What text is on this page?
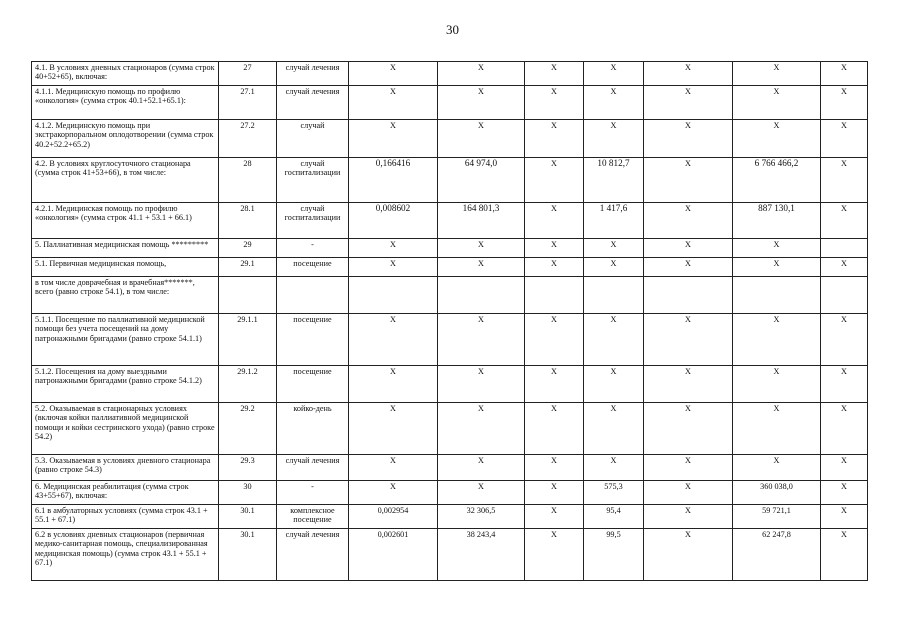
30
4.1. В условиях дневных стационаров (сумма строк 40+52+65), включая:	27	случай лечения	X	X	X	X	X	X	X
4.1.1. Медицинскую помощь по профилю «онкология» (сумма строк 40.1+52.1+65.1):	27.1	случай лечения	X	X	X	X	X	X	X
4.1.2. Медицинскую помощь при экстракорпоральном оплодотворении (сумма строк 40.2+52.2+65.2)	27.2	случай	X	X	X	X	X	X	X
4.2. В условиях круглосуточного стационара (сумма строк 41+53+66), в том числе:	28	случай госпитализации	0,166416	64 974,0	X	10 812,7	X	6 766 466,2	X
4.2.1. Медицинская помощь по профилю «онкология» (сумма строк 41.1 + 53.1 + 66.1)	28.1	случай госпитализации	0,008602	164 801,3	X	1 417,6	X	887 130,1	X
5. Паллиативная медицинская помощь *********	29	-	X	X	X	X	X	X	
5.1. Первичная медицинская помощь,	29.1	посещение	X	X	X	X	X	X	X
в том числе доврачебная и врачебная*******, всего (равно строке 54.1), в том числе:									
5.1.1. Посещение по паллиативной медицинской помощи без учета посещений на дому патронажными бригадами (равно строке 54.1.1)	29.1.1	посещение	X	X	X	X	X	X	X
5.1.2. Посещения на дому выездными патронажными бригадами (равно строке 54.1.2)	29.1.2	посещение	X	X	X	X	X	X	X
5.2. Оказываемая в стационарных условиях (включая койки паллиативной медицинской помощи и койки сестринского ухода) (равно строке 54.2)	29.2	койко-день	X	X	X	X	X	X	X
5.3. Оказываемая в условиях дневного стационара (равно строке 54.3)	29.3	случай лечения	X	X	X	X	X	X	X
6. Медицинская реабилитация (сумма строк 43+55+67), включая:	30	-	X	X	X	575,3	X	360 038,0	X
6.1 в амбулаторных условиях (сумма строк 43.1 + 55.1 + 67.1)	30.1	комплексное посещение	0,002954	32 306,5	X	95,4	X	59 721,1	X
6.2 в условиях дневных стационаров (первичная медико-санитарная помощь, специализированная медицинская помощь) (сумма строк 43.1 + 55.1 + 67.1)	30.1	случай лечения	0,002601	38 243,4	X	99,5	X	62 247,8	X
